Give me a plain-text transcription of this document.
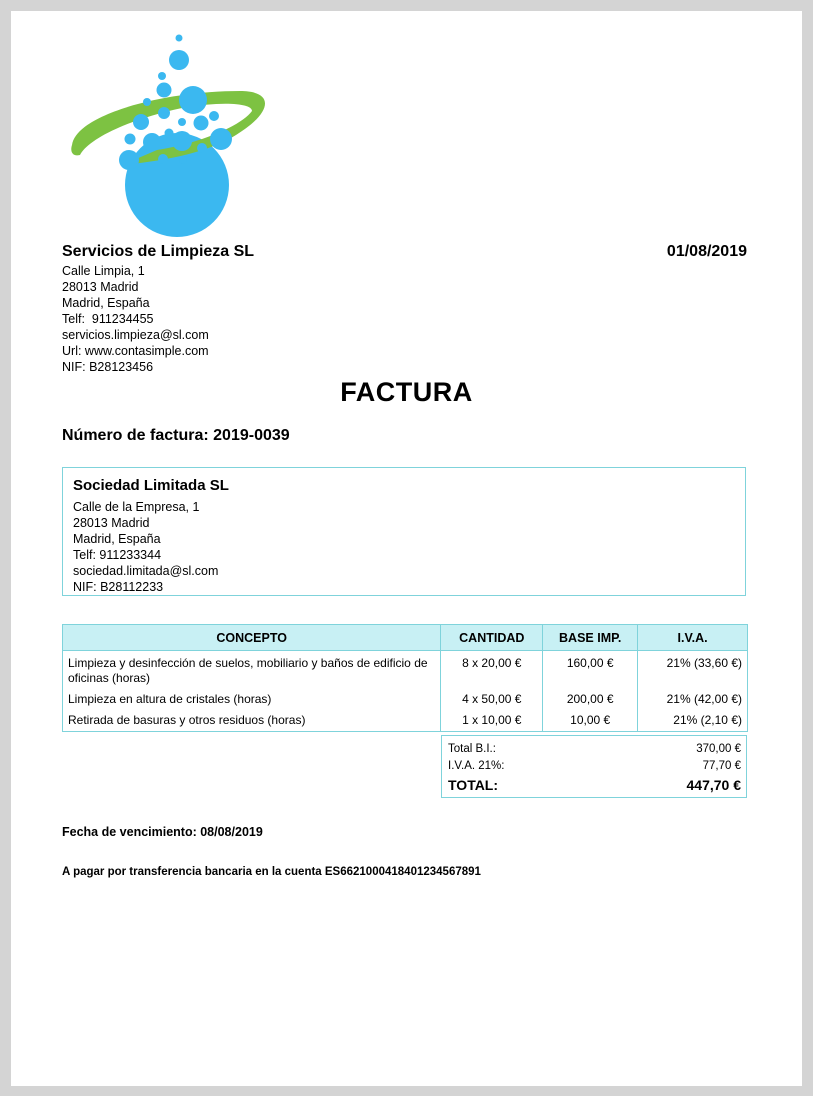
Servicios de Limpieza SL	01/08/2019
Calle Limpia, 1
28013 Madrid
Madrid, España
Telf:  911234455
servicios.limpieza@sl.com
Url: www.contasimple.com
NIF: B28123456
FACTURA
Número de factura: 2019-0039
Sociedad Limitada SL
Calle de la Empresa, 1
28013 Madrid
Madrid, España
Telf: 911233344
sociedad.limitada@sl.com
NIF: B28112233
CONCEPTO	CANTIDAD	BASE IMP.	I.V.A.
Limpieza y desinfección de suelos, mobiliario y baños de edificio de oficinas (horas)	8 x 20,00 €	160,00 €	21% (33,60 €)
Limpieza en altura de cristales (horas)	4 x 50,00 €	200,00 €	21% (42,00 €)
Retirada de basuras y otros residuos (horas)	1 x 10,00 €	10,00 €	21% (2,10 €)
Total B.I.:	370,00 €
I.V.A. 21%:	77,70 €
TOTAL:	447,70 €
Fecha de vencimiento: 08/08/2019
A pagar por transferencia bancaria en la cuenta ES6621000418401234567891
